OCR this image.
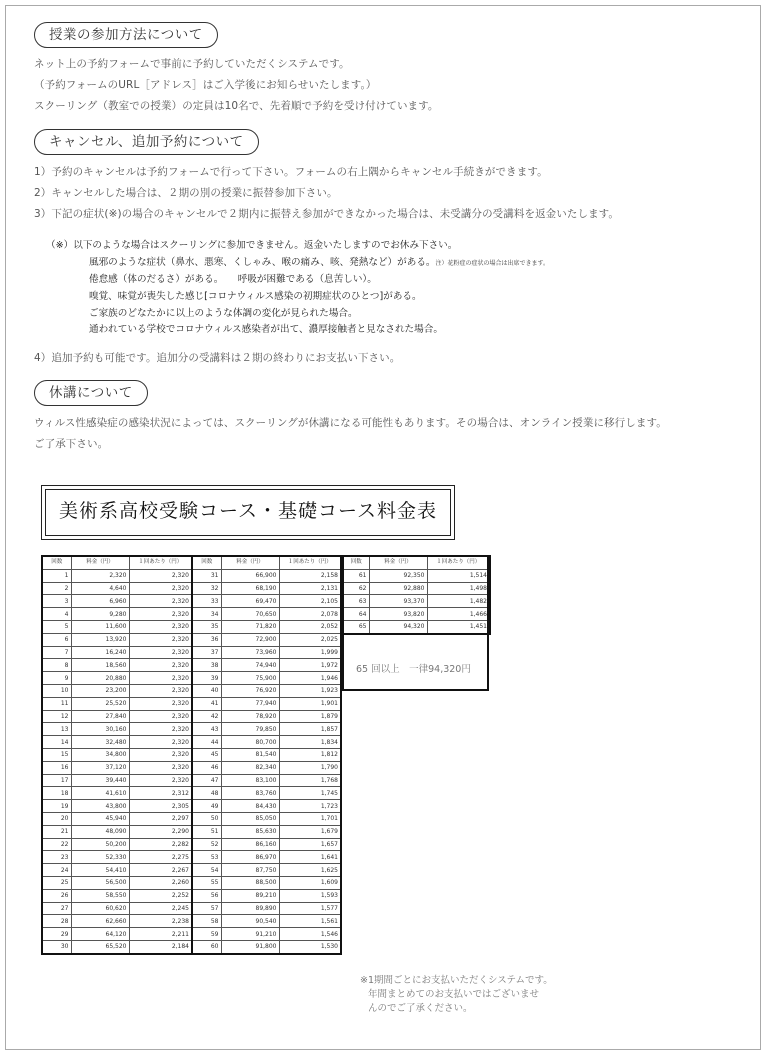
授業の参加方法について
ネット上の予約フォームで事前に予約していただくシステムです。
（予約フォームのURL［アドレス］はご入学後にお知らせいたします。）
スクーリング（教室での授業）の定員は10名で、先着順で予約を受け付けています。
キャンセル、追加予約について
1）予約のキャンセルは予約フォームで行って下さい。フォームの右上隅からキャンセル手続きができます。
2）キャンセルした場合は、２期の別の授業に振替参加下さい。
3）下記の症状(※)の場合のキャンセルで２期内に振替え参加ができなかった場合は、未受講分の受講料を返金いたします。
（※）以下のような場合はスクーリングに参加できません。返金いたしますのでお休み下さい。
風邪のような症状（鼻水、悪寒、くしゃみ、喉の痛み、咳、発熱など）がある。注）花粉症の症状の場合は出席できます。
倦怠感（体のだるさ）がある。　　呼吸が困難である（息苦しい）。
嗅覚、味覚が喪失した感じ[コロナウィルス感染の初期症状のひとつ]がある。
ご家族のどなたかに以上のような体調の変化が見られた場合。
通われている学校でコロナウィルス感染者が出て、濃厚接触者と見なされた場合。
4）追加予約も可能です。追加分の受講料は２期の終わりにお支払い下さい。
休講について
ウィルス性感染症の感染状況によっては、スクーリングが休講になる可能性もあります。その場合は、オンライン授業に移行します。
ご了承下さい。
美術系高校受験コース・基礎コース料金表
回数	料金（円）	１回あたり（円）	回数	料金（円）	１回あたり（円）
1	2,320	2,320	31	66,900	2,158
2	4,640	2,320	32	68,190	2,131
3	6,960	2,320	33	69,470	2,105
4	9,280	2,320	34	70,650	2,078
5	11,600	2,320	35	71,820	2,052
6	13,920	2,320	36	72,900	2,025
7	16,240	2,320	37	73,960	1,999
8	18,560	2,320	38	74,940	1,972
9	20,880	2,320	39	75,900	1,946
10	23,200	2,320	40	76,920	1,923
11	25,520	2,320	41	77,940	1,901
12	27,840	2,320	42	78,920	1,879
13	30,160	2,320	43	79,850	1,857
14	32,480	2,320	44	80,700	1,834
15	34,800	2,320	45	81,540	1,812
16	37,120	2,320	46	82,340	1,790
17	39,440	2,320	47	83,100	1,768
18	41,610	2,312	48	83,760	1,745
19	43,800	2,305	49	84,430	1,723
20	45,940	2,297	50	85,050	1,701
21	48,090	2,290	51	85,630	1,679
22	50,200	2,282	52	86,160	1,657
23	52,330	2,275	53	86,970	1,641
24	54,410	2,267	54	87,750	1,625
25	56,500	2,260	55	88,500	1,609
26	58,550	2,252	56	89,210	1,593
27	60,620	2,245	57	89,890	1,577
28	62,660	2,238	58	90,540	1,561
29	64,120	2,211	59	91,210	1,546
30	65,520	2,184	60	91,800	1,530
回数	料金（円）	１回あたり（円）
61	92,350	1,514
62	92,880	1,498
63	93,370	1,482
64	93,820	1,466
65	94,320	1,451
65 回以上　一律94,320円
※1期間ごとにお支払いただくシステムです。
年間まとめてのお支払いではございませ
んのでご了承ください。
